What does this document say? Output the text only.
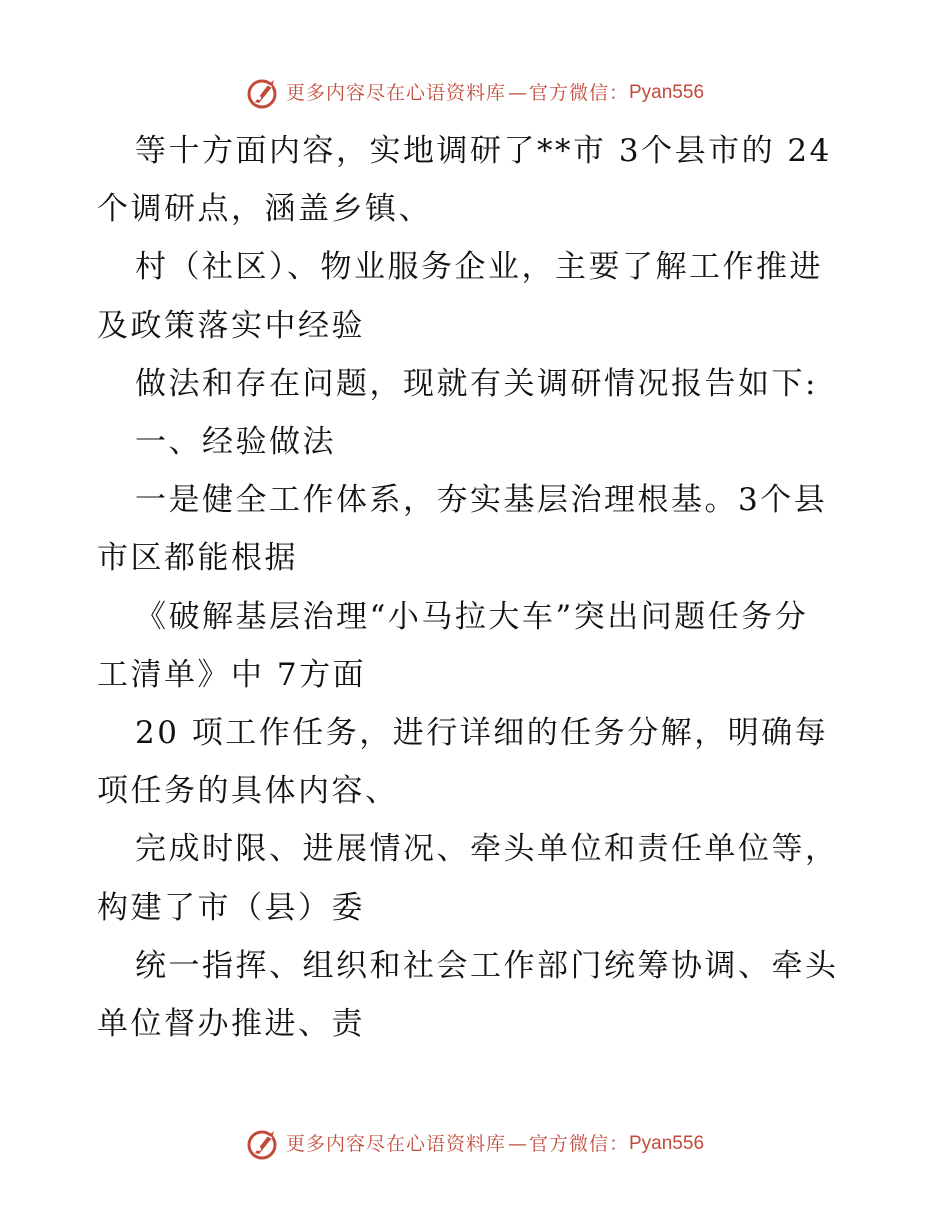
更多内容尽在心语资料库 — 官方微信： Pyan556

等十方面内容，实地调研了**市 3个县市的 24

个调研点，涵盖乡镇、

村（社区）、物业服务企业，主要了解工作推进

及政策落实中经验

做法和存在问题，现就有关调研情况报告如下:

一、经验做法

一是健全工作体系，夯实基层治理根基。3个县

市区都能根据

《破解基层治理“小马拉大车”突出问题任务分

工清单》中 7方面

20 项工作任务，进行详细的任务分解，明确每

项任务的具体内容、

完成时限、进展情况、牵头单位和责任单位等，

构建了市（县）委

统一指挥、组织和社会工作部门统筹协调、牵头

单位督办推进、责

更多内容尽在心语资料库 — 官方微信： Pyan556
